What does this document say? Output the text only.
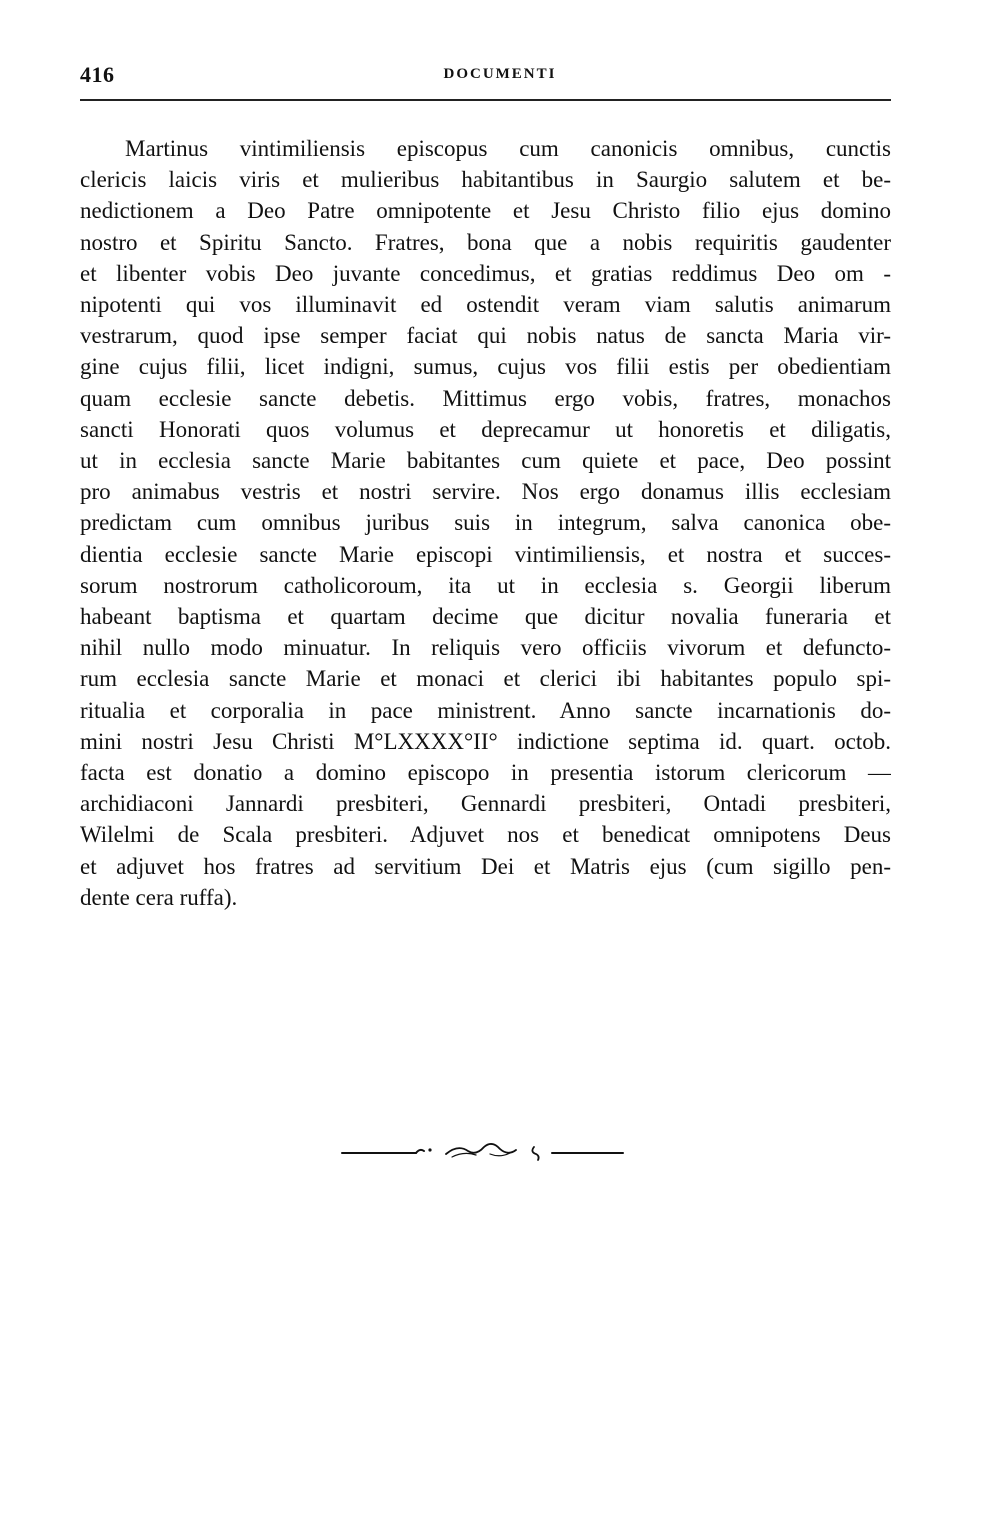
416	DOCUMENTI

Martinus vintimiliensis episcopus cum canonicis omnibus, cunctis
clericis laicis viris et mulieribus habitantibus in Saurgio salutem et be-
nedictionem a Deo Patre omnipotente et Jesu Christo filio ejus domino
nostro et Spiritu Sancto. Fratres, bona que a nobis requiritis gaudenter
et libenter vobis Deo juvante concedimus, et gratias reddimus Deo om -
nipotenti qui vos illuminavit ed ostendit veram viam salutis animarum
vestrarum, quod ipse semper faciat qui nobis natus de sancta Maria vir-
gine cujus filii, licet indigni, sumus, cujus vos filii estis per obedientiam
quam ecclesie sancte debetis. Mittimus ergo vobis, fratres, monachos
sancti Honorati quos volumus et deprecamur ut honoretis et diligatis,
ut in ecclesia sancte Marie babitantes cum quiete et pace, Deo possint
pro animabus vestris et nostri servire. Nos ergo donamus illis ecclesiam
predictam cum omnibus juribus suis in integrum, salva canonica obe-
dientia ecclesie sancte Marie episcopi vintimiliensis, et nostra et succes-
sorum nostrorum catholicoroum, ita ut in ecclesia s. Georgii liberum
habeant baptisma et quartam decime que dicitur novalia funeraria et
nihil nullo modo minuatur. In reliquis vero officiis vivorum et defuncto-
rum ecclesia sancte Marie et monaci et clerici ibi habitantes populo spi-
ritualia et corporalia in pace ministrent. Anno sancte incarnationis do-
mini nostri Jesu Christi M°LXXXX°II° indictione septima id. quart. octob.
facta est donatio a domino episcopo in presentia istorum clericorum —
archidiaconi Jannardi presbiteri, Gennardi presbiteri, Ontadi presbiteri,
Wilelmi de Scala presbiteri. Adjuvet nos et benedicat omnipotens Deus
et adjuvet hos fratres ad servitium Dei et Matris ejus (cum sigillo pen-
dente cera ruffa).
